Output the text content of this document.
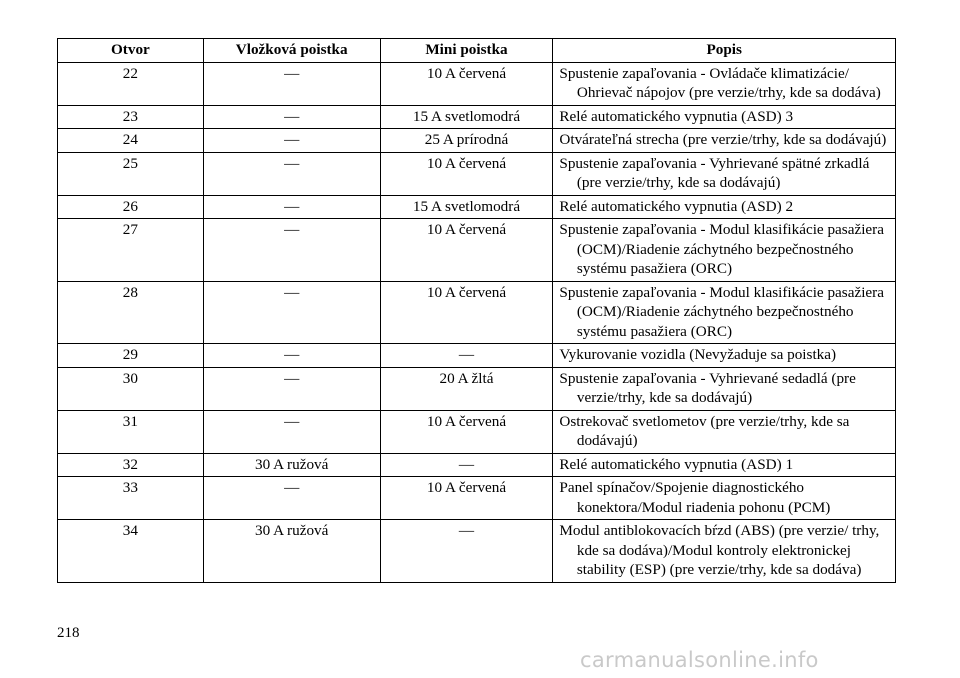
Otvor	Vložková poistka	Mini poistka	Popis
22	—	10 A červená	Spustenie zapaľovania - Ovládače klimatizácie/ Ohrievač nápojov (pre verzie/trhy, kde sa dodáva)

23	—	15 A svetlomodrá	Relé automatického vypnutia (ASD) 3

24	—	25 A prírodná	Otvárateľná strecha (pre verzie/trhy, kde sa dodávajú)

25	—	10 A červená	Spustenie zapaľovania - Vyhrievané spätné zrkadlá (pre verzie/trhy, kde sa dodávajú)

26	—	15 A svetlomodrá	Relé automatického vypnutia (ASD) 2

27	—	10 A červená	Spustenie zapaľovania - Modul klasifikácie pasažiera (OCM)/Riadenie záchytného bezpečnostného systému pasažiera (ORC)

28	—	10 A červená	Spustenie zapaľovania - Modul klasifikácie pasažiera (OCM)/Riadenie záchytného bezpečnostného systému pasažiera (ORC)

29	—	—	Vykurovanie vozidla (Nevyžaduje sa poistka)

30	—	20 A žltá	Spustenie zapaľovania - Vyhrievané sedadlá (pre verzie/trhy, kde sa dodávajú)

31	—	10 A červená	Ostrekovač svetlometov (pre verzie/trhy, kde sa dodávajú)

32	30 A ružová	—	Relé automatického vypnutia (ASD) 1

33	—	10 A červená	Panel spínačov/Spojenie diagnostického konektora/Modul riadenia pohonu (PCM)

34	30 A ružová	—	Modul antiblokovacích bŕzd (ABS) (pre verzie/ trhy, kde sa dodáva)/Modul kontroly elektronickej stability (ESP) (pre verzie/trhy, kde sa dodáva)
218
carmanualsonline.info
